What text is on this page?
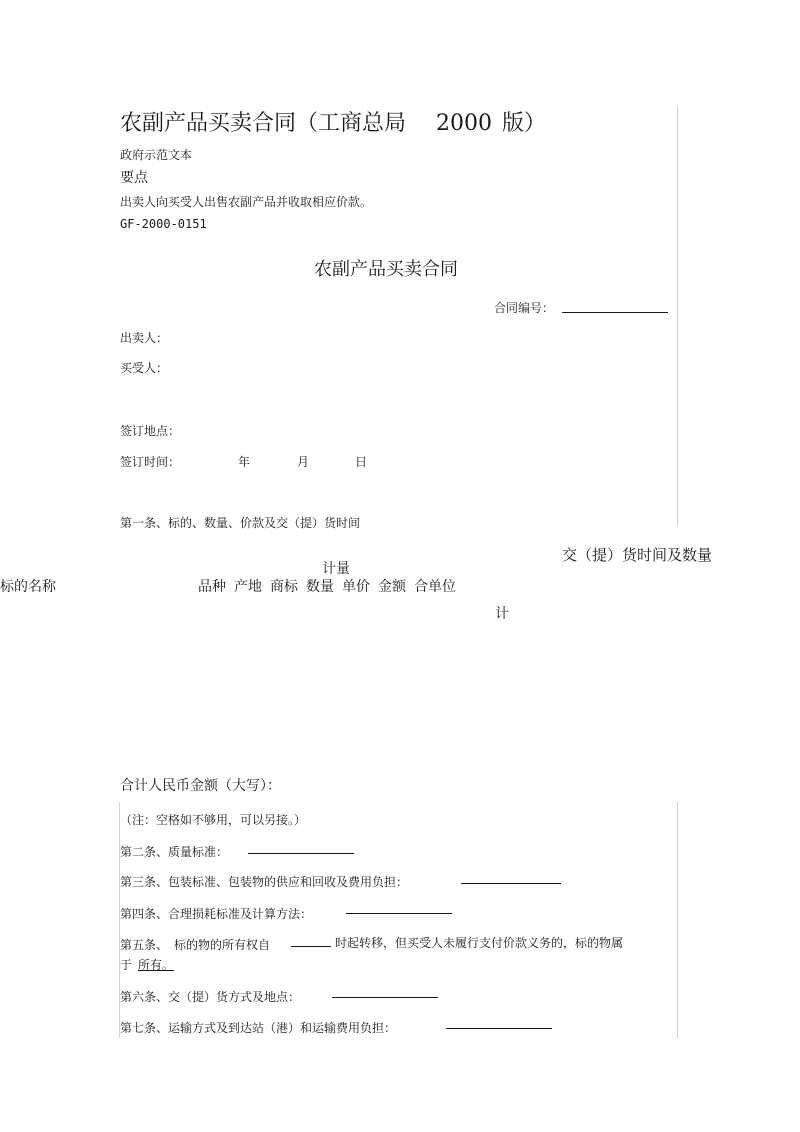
农副产品买卖合同（工商总局 2000 版）
政府示范文本
要点
出卖人向买受人出售农副产品并收取相应价款。
GF-2000-0151
农副产品买卖合同
合同编号：
出卖人：
买受人：
签订地点：
签订时间：	年	月	日
第一条、标的、数量、价款及交（提）货时间
交（提）货时间及数量
计量
标的名称	品种 产地 商标 数量 单价 金额 合单位
计
合计人民币金额（大写）：
（注：空格如不够用，可以另接。）
第二条、质量标准：
第三条、包装标准、包装物的供应和回收及费用负担：
第四条、合理损耗标准及计算方法：
第五条、 标的物的所有权自	时起转移，但买受人未履行支付价款义务的，标的物属
于 所有。
第六条、交（提）货方式及地点：
第七条、运输方式及到达站（港）和运输费用负担：
